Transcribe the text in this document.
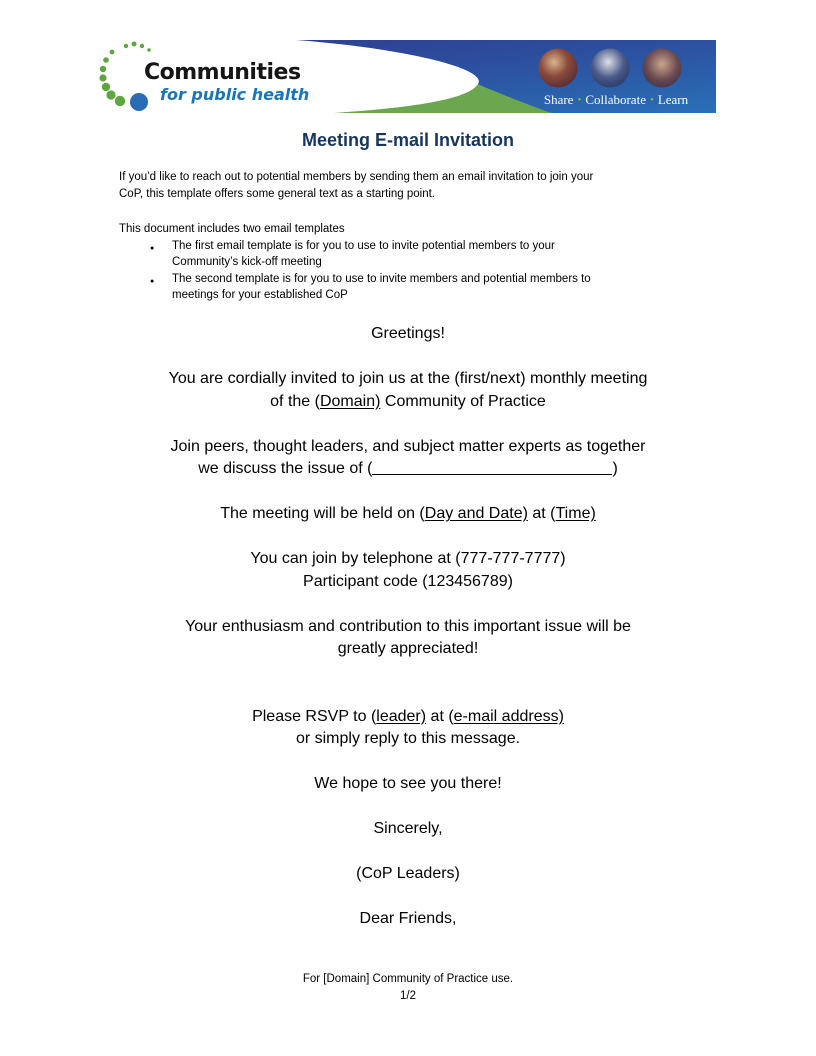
Communities
for public health	Share • Collaborate • Learn
Meeting E-mail Invitation
If you’d like to reach out to potential members by sending them an email invitation to join your
CoP, this template offers some general text as a starting point.
This document includes two email templates
● The first email template is for you to use to invite potential members to your
Community’s kick-off meeting
● The second template is for you to use to invite members and potential members to
meetings for your established CoP
Greetings!

You are cordially invited to join us at the (first/next) monthly meeting
of the (Domain) Community of Practice

Join peers, thought leaders, and subject matter experts as together
we discuss the issue of (	)

The meeting will be held on (Day and Date) at (Time)

You can join by telephone at (777-777-7777)
Participant code (123456789)

Your enthusiasm and contribution to this important issue will be
greatly appreciated!

Please RSVP to (leader) at (e-mail address)
or simply reply to this message.

We hope to see you there!

Sincerely,

(CoP Leaders)

Dear Friends,
For [Domain] Community of Practice use.
1/2
